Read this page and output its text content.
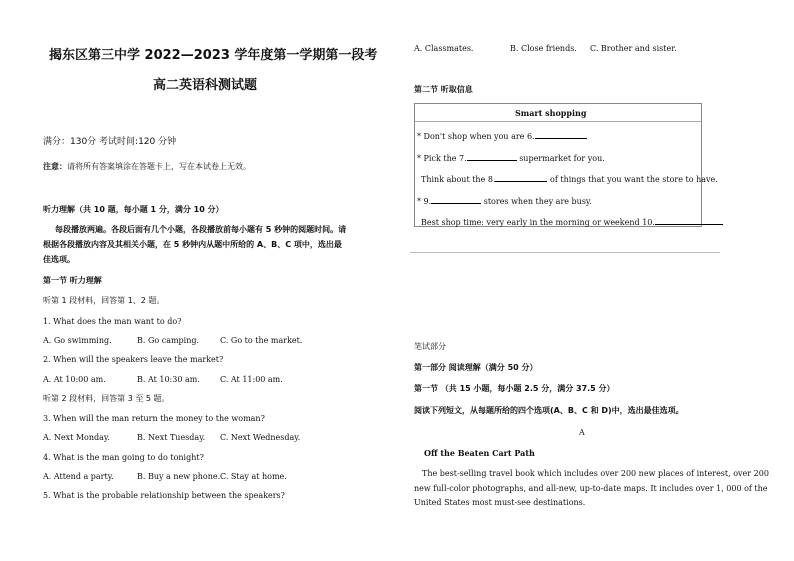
揭东区第三中学 2022—2023 学年度第一学期第一段考
高二英语科测试题
满分：130分 考试时间:120 分钟
注意：请将所有答案填涂在答题卡上，写在本试卷上无效。
听力理解（共 10 题，每小题 1 分，满分 10 分）
每段播放两遍。各段后面有几个小题，各段播放前每小题有 5 秒钟的阅题时间。请
根据各段播放内容及其相关小题，在 5 秒钟内从题中所给的 A、B、C 项中，选出最
佳选项。
第一节 听力理解
听第 1 段材料，回答第 1、2 题。
1. What does the man want to do?
A. Go swimming.	B. Go camping.	C. Go to the market.
2. When will the speakers leave the market?
A. At 10:00 am.	B. At 10:30 am.	C. At 11:00 am.
听第 2 段材料，回答第 3 至 5 题。
3. When will the man return the money to the woman?
A. Next Monday.	B. Next Tuesday. C. Next Wednesday.
4. What is the man going to do tonight?
A. Attend a party.	B. Buy a new phone. C. Stay at home.
5. What is the probable relationship between the speakers?
A. Classmates.	B. Close friends. C. Brother and sister.
第二节 听取信息
Smart shopping
* Don't shop when you are 6.
* Pick the 7.	supermarket for you.
Think about the 8.	of things that you want the store to have.
* 9.	stores when they are busy.
Best shop time: very early in the morning or weekend 10.
笔试部分
第一部分 阅读理解（满分 50 分）
第一节 （共 15 小题，每小题 2.5 分，满分 37.5 分）
阅读下列短文，从每题所给的四个选项(A、B、C 和 D)中，选出最佳选项。
A
Off the Beaten Cart Path
The best-selling travel book which includes over 200 new places of interest, over 200
new full-color photographs, and all-new, up-to-date maps. It includes over 1, 000 of the
United States most must-see destinations.
